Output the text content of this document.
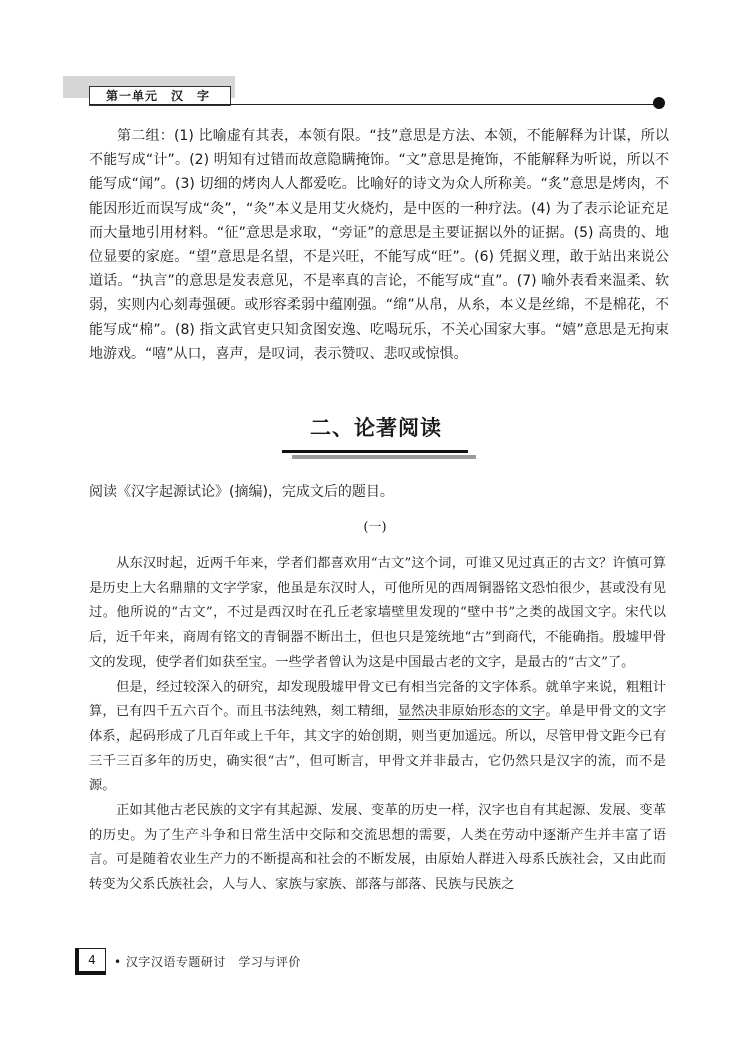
第一单元　汉　字

第二组：(1) 比喻虚有其表，本领有限。“技”意思是方法、本领，不能解释为计谋，所以不能写成“计”。(2) 明知有过错而故意隐瞒掩饰。“文”意思是掩饰，不能解释为听说，所以不能写成“闻”。(3) 切细的烤肉人人都爱吃。比喻好的诗文为众人所称美。“炙”意思是烤肉，不能因形近而误写成“灸”，“灸”本义是用艾火烧灼，是中医的一种疗法。(4) 为了表示论证充足而大量地引用材料。“征”意思是求取，“旁证”的意思是主要证据以外的证据。(5) 高贵的、地位显要的家庭。“望”意思是名望，不是兴旺，不能写成“旺”。(6) 凭据义理，敢于站出来说公道话。“执言”的意思是发表意见，不是率真的言论，不能写成“直”。(7) 喻外表看来温柔、软弱，实则内心刻毒强硬。或形容柔弱中蕴刚强。“绵”从帛，从糸，本义是丝绵，不是棉花，不能写成“棉”。(8) 指文武官吏只知贪图安逸、吃喝玩乐，不关心国家大事。“嬉”意思是无拘束地游戏。“嘻”从口，喜声，是叹词，表示赞叹、悲叹或惊惧。

二、论著阅读

阅读《汉字起源试论》(摘编)，完成文后的题目。

(一)

从东汉时起，近两千年来，学者们都喜欢用“古文”这个词，可谁又见过真正的古文？许慎可算是历史上大名鼎鼎的文字学家，他虽是东汉时人，可他所见的西周铜器铭文恐怕很少，甚或没有见过。他所说的“古文”，不过是西汉时在孔丘老家墙壁里发现的“壁中书”之类的战国文字。宋代以后，近千年来，商周有铭文的青铜器不断出土，但也只是笼统地“古”到商代，不能确指。殷墟甲骨文的发现，使学者们如获至宝。一些学者曾认为这是中国最古老的文字，是最古的“古文”了。

但是，经过较深入的研究，却发现殷墟甲骨文已有相当完备的文字体系。就单字来说，粗粗计算，已有四千五六百个。而且书法纯熟，刻工精细，显然决非原始形态的文字。单是甲骨文的文字体系，起码形成了几百年或上千年，其文字的始创期，则当更加遥远。所以，尽管甲骨文距今已有三千三百多年的历史，确实很“古”，但可断言，甲骨文并非最古，它仍然只是汉字的流，而不是源。

正如其他古老民族的文字有其起源、发展、变革的历史一样，汉字也自有其起源、发展、变革的历史。为了生产斗争和日常生活中交际和交流思想的需要，人类在劳动中逐渐产生并丰富了语言。可是随着农业生产力的不断提高和社会的不断发展，由原始人群进入母系氏族社会，又由此而转变为父系氏族社会，人与人、家族与家族、部落与部落、民族与民族之

4	• 汉字汉语专题研讨　学习与评价
